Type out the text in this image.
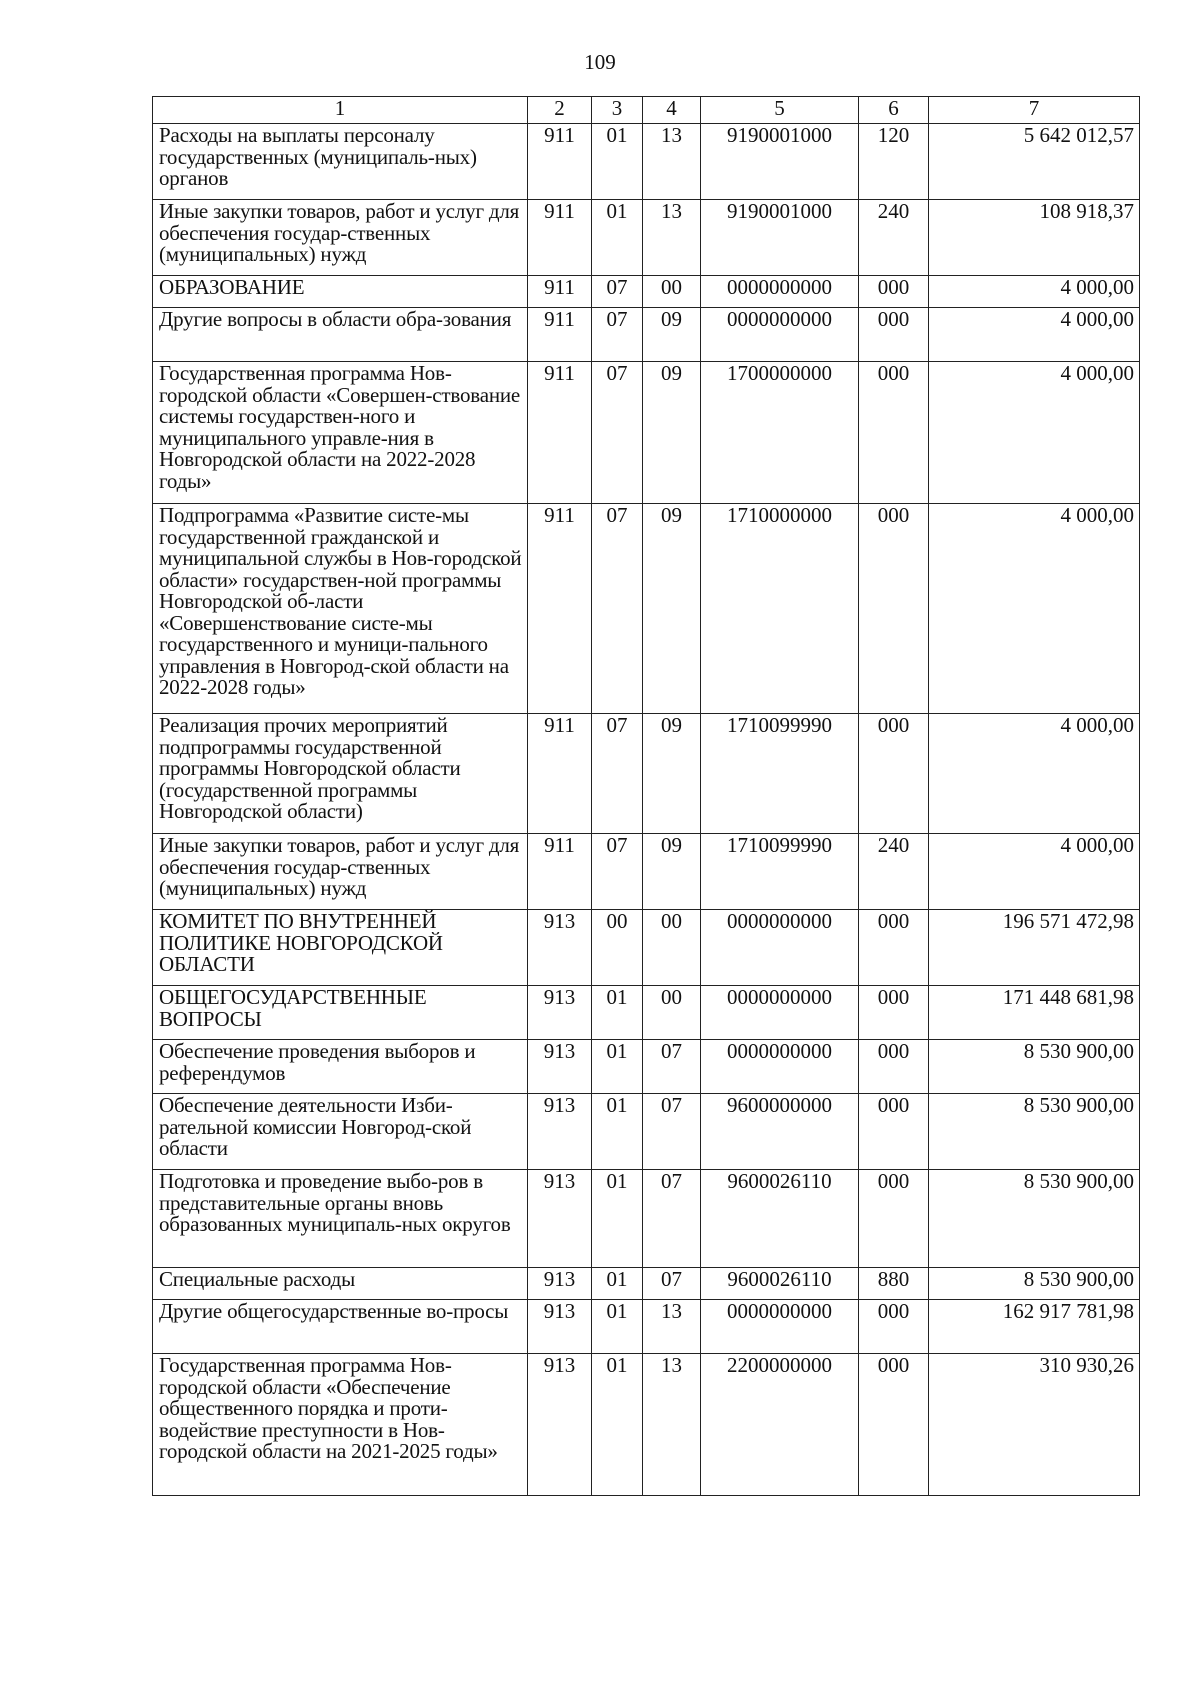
109
1	2	3	4	5	6	7
Расходы на выплаты персоналу государственных (муниципаль-ных) органов	911	01	13	9190001000	120	5 642 012,57
Иные закупки товаров, работ и услуг для обеспечения государ-ственных (муниципальных) нужд	911	01	13	9190001000	240	108 918,37
ОБРАЗОВАНИЕ	911	07	00	0000000000	000	4 000,00
Другие вопросы в области обра-зования	911	07	09	0000000000	000	4 000,00
Государственная программа Нов-городской области «Совершен-ствование системы государствен-ного и муниципального управле-ния в Новгородской области на 2022-2028 годы»	911	07	09	1700000000	000	4 000,00
Подпрограмма «Развитие систе-мы государственной гражданской и муниципальной службы в Нов-городской области» государствен-ной программы Новгородской об-ласти «Совершенствование систе-мы государственного и муници-пального управления в Новгород-ской области на 2022-2028 годы»	911	07	09	1710000000	000	4 000,00
Реализация прочих мероприятий подпрограммы государственной программы Новгородской области (государственной программы Новгородской области)	911	07	09	1710099990	000	4 000,00
Иные закупки товаров, работ и услуг для обеспечения государ-ственных (муниципальных) нужд	911	07	09	1710099990	240	4 000,00
КОМИТЕТ ПО ВНУТРЕННЕЙ ПОЛИТИКЕ НОВГОРОДСКОЙ ОБЛАСТИ	913	00	00	0000000000	000	196 571 472,98
ОБЩЕГОСУДАРСТВЕННЫЕ ВОПРОСЫ	913	01	00	0000000000	000	171 448 681,98
Обеспечение проведения выборов и референдумов	913	01	07	0000000000	000	8 530 900,00
Обеспечение деятельности Изби-рательной комиссии Новгород-ской области	913	01	07	9600000000	000	8 530 900,00
Подготовка и проведение выбо-ров в представительные органы вновь образованных муниципаль-ных округов	913	01	07	9600026110	000	8 530 900,00
Специальные расходы	913	01	07	9600026110	880	8 530 900,00
Другие общегосударственные во-просы	913	01	13	0000000000	000	162 917 781,98
Государственная программа Нов-городской области «Обеспечение общественного порядка и проти-водействие преступности в Нов-городской области на 2021-2025 годы»	913	01	13	2200000000	000	310 930,26
